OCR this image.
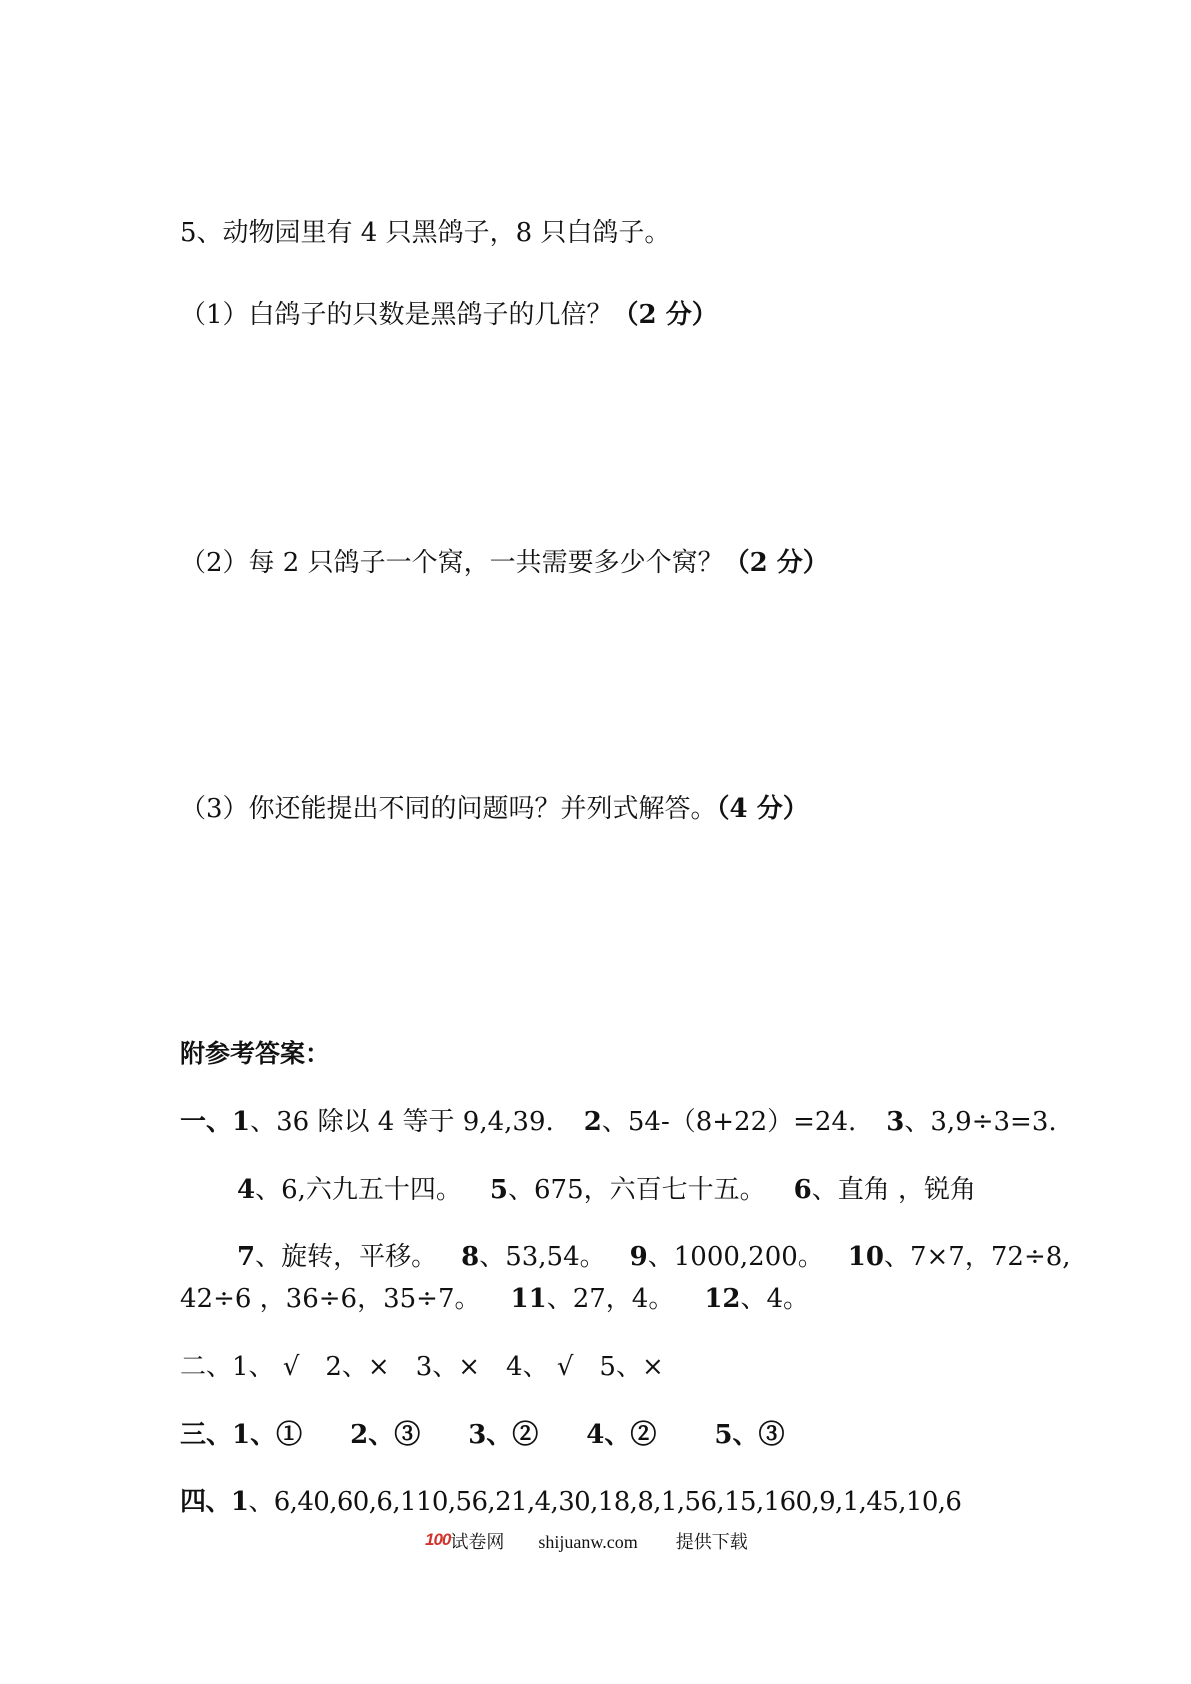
5、动物园里有 4 只黑鸽子，8 只白鸽子。
（1）白鸽子的只数是黑鸽子的几倍？（2 分）
（2）每 2 只鸽子一个窝，一共需要多少个窝？（2 分）
（3）你还能提出不同的问题吗？并列式解答。（4 分）
附参考答案：
一、1、36 除以 4 等于 9,4,39. 2、54-（8+22）=24. 3、3,9÷3=3.
4、6,六九五十四。 5、675，六百七十五。 6、直角 ，锐角
7、旋转，平移。 8、53,54。 9、1000,200。 10、7×7，72÷8,
42÷6 ，36÷6，35÷7。 11、27，4。 12、4。
二、1、 √ 2、× 3、× 4、 √ 5、×
三、1、① 2、③ 3、② 4、② 5、③
四、1、6,40,60,6,110,56,21,4,30,18,8,1,56,15,160,9,1,45,10,6
100试卷网 shijuanw.com 提供下载
